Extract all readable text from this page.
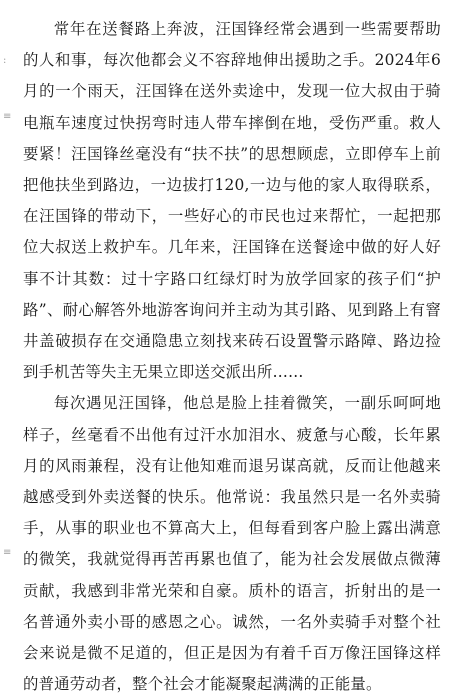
:
≡
≡

常年在送餐路上奔波，汪国锋经常会遇到一些需要帮助的人和事，每次他都会义不容辞地伸出援助之手。2024年6月的一个雨天，汪国锋在送外卖途中，发现一位大叔由于骑电瓶车速度过快拐弯时违人带车摔倒在地，受伤严重。救人要紧！汪国锋丝毫没有“扶不扶”的思想顾虑，立即停车上前把他扶坐到路边，一边拔打120,一边与他的家人取得联系，在汪国锋的带动下，一些好心的市民也过来帮忙，一起把那位大叔送上救护车。几年来，汪国锋在送餐途中做的好人好事不计其数：过十字路口红绿灯时为放学回家的孩子们“护路”、耐心解答外地游客询问并主动为其引路、见到路上有窨井盖破损存在交通隐患立刻找来砖石设置警示路障、路边捡到手机苦等失主无果立即送交派出所……

每次遇见汪国锋，他总是脸上挂着微笑，一副乐呵呵地样子，丝毫看不出他有过汗水加泪水、疲惫与心酸，长年累月的风雨兼程，没有让他知难而退另谋高就，反而让他越来越感受到外卖送餐的快乐。他常说：我虽然只是一名外卖骑手，从事的职业也不算高大上，但每看到客户脸上露出满意的微笑，我就觉得再苦再累也值了，能为社会发展做点微薄贡献，我感到非常光荣和自豪。质朴的语言，折射出的是一名普通外卖小哥的感恩之心。诚然，一名外卖骑手对整个社会来说是微不足道的，但正是因为有着千百万像汪国锋这样的普通劳动者，整个社会才能凝聚起满满的正能量。
